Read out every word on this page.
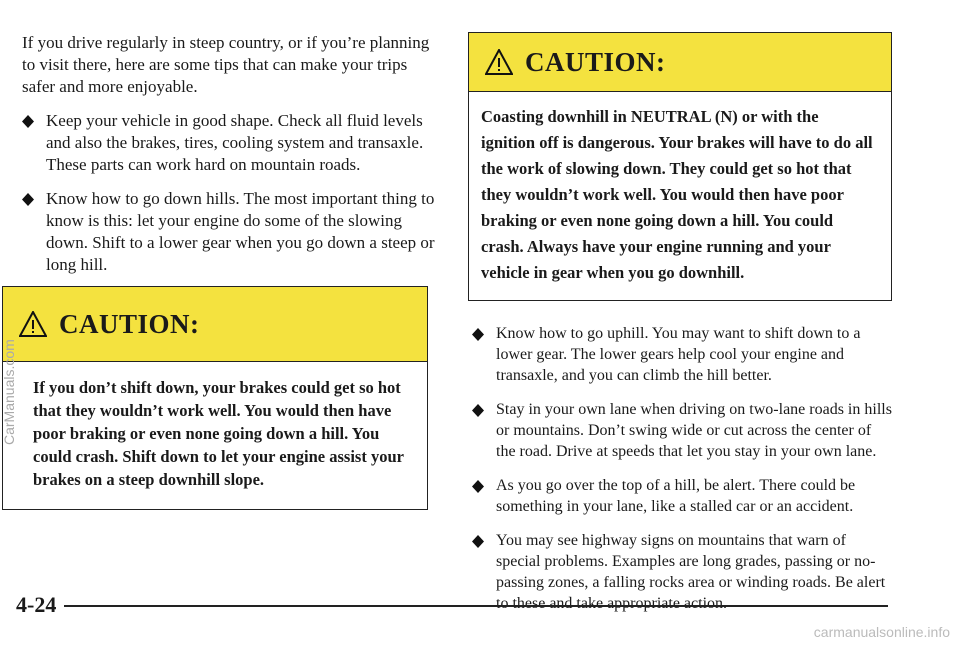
If you drive regularly in steep country, or if you’re planning to visit there, here are some tips that can make your trips safer and more enjoyable.

Keep your vehicle in good shape. Check all fluid levels and also the brakes, tires, cooling system and transaxle. These parts can work hard on mountain roads.
Know how to go down hills. The most important thing to know is this: let your engine do some of the slowing down. Shift to a lower gear when you go down a steep or long hill.
CAUTION:
If you don’t shift down, your brakes could get so hot that they wouldn’t work well. You would then have poor braking or even none going down a hill. You could crash. Shift down to let your engine assist your brakes on a steep downhill slope.
CAUTION:
Coasting downhill in NEUTRAL (N) or with the ignition off is dangerous. Your brakes will have to do all the work of slowing down. They could get so hot that they wouldn’t work well. You would then have poor braking or even none going down a hill. You could crash. Always have your engine running and your vehicle in gear when you go downhill.
Know how to go uphill. You may want to shift down to a lower gear. The lower gears help cool your engine and transaxle, and you can climb the hill better.
Stay in your own lane when driving on two-lane roads in hills or mountains. Don’t swing wide or cut across the center of the road. Drive at speeds that let you stay in your own lane.
As you go over the top of a hill, be alert. There could be something in your lane, like a stalled car or an accident.
You may see highway signs on mountains that warn of special problems. Examples are long grades, passing or no-passing zones, a falling rocks area or winding roads. Be alert to these and take appropriate action.
4-24
CarManuals.com
carmanualsonline.info
